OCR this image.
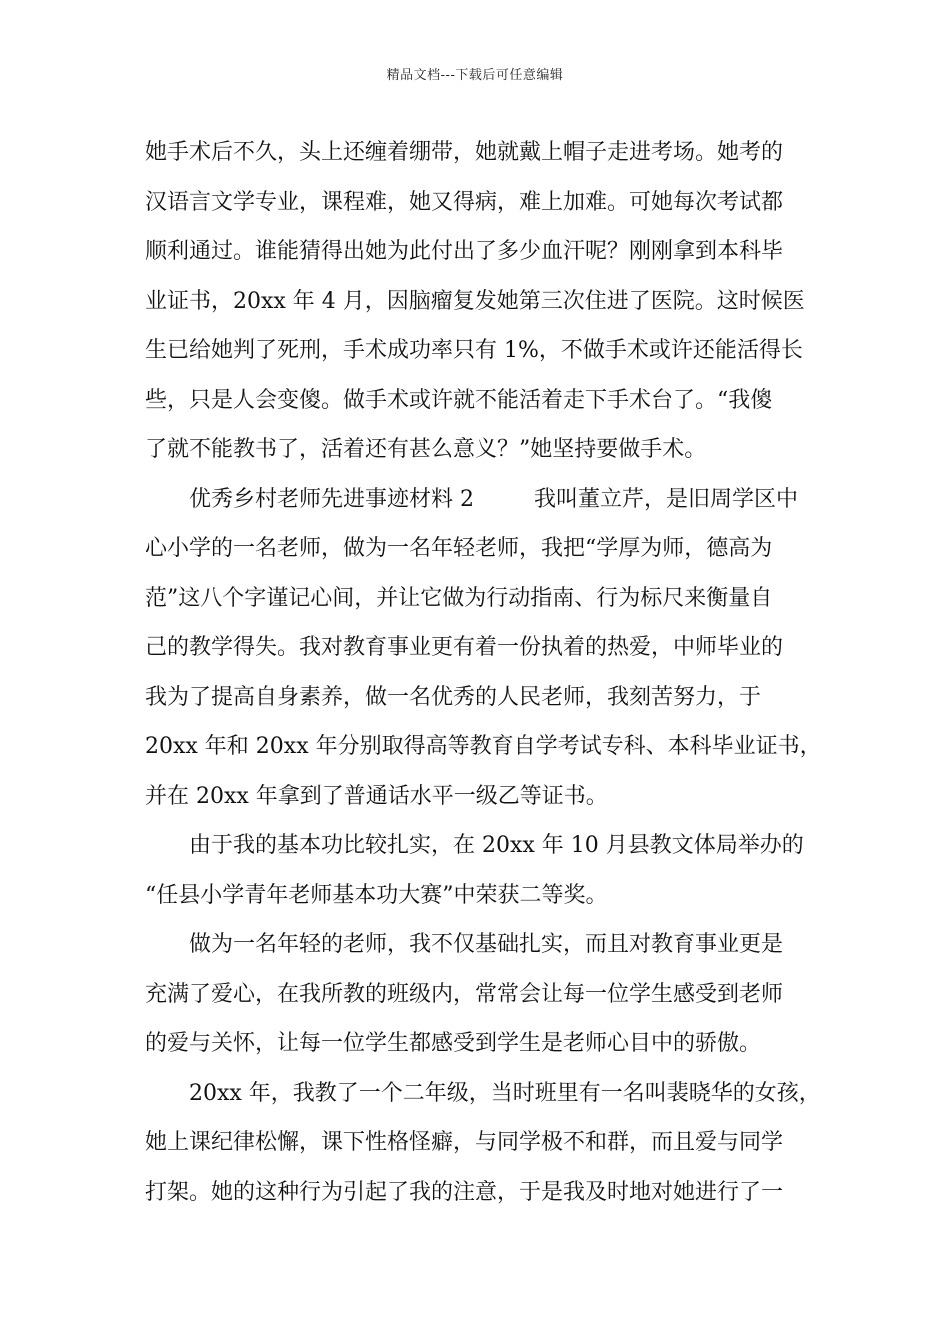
精品文档---下载后可任意编辑
她手术后不久，头上还缠着绷带，她就戴上帽子走进考场。她考的
汉语言文学专业，课程难，她又得病，难上加难。可她每次考试都
顺利通过。谁能猜得出她为此付出了多少血汗呢？刚刚拿到本科毕
业证书，20xx 年 4 月，因脑瘤复发她第三次住进了医院。这时候医
生已给她判了死刑，手术成功率只有 1%，不做手术或许还能活得长
些，只是人会变傻。做手术或许就不能活着走下手术台了。“我傻
了就不能教书了，活着还有甚么意义？”她坚持要做手术。
优秀乡村老师先进事迹材料 2	我叫董立芹，是旧周学区中
心小学的一名老师，做为一名年轻老师，我把“学厚为师，德高为
范”这八个字谨记心间，并让它做为行动指南、行为标尺来衡量自
己的教学得失。我对教育事业更有着一份执着的热爱，中师毕业的
我为了提高自身素养，做一名优秀的人民老师，我刻苦努力，于
20xx 年和 20xx 年分别取得高等教育自学考试专科、本科毕业证书，
并在 20xx 年拿到了普通话水平一级乙等证书。
由于我的基本功比较扎实，在 20xx 年 10 月县教文体局举办的
“任县小学青年老师基本功大赛”中荣获二等奖。
做为一名年轻的老师，我不仅基础扎实，而且对教育事业更是
充满了爱心，在我所教的班级内，常常会让每一位学生感受到老师
的爱与关怀，让每一位学生都感受到学生是老师心目中的骄傲。
20xx 年，我教了一个二年级，当时班里有一名叫裴晓华的女孩，
她上课纪律松懈，课下性格怪癖，与同学极不和群，而且爱与同学
打架。她的这种行为引起了我的注意，于是我及时地对她进行了一
